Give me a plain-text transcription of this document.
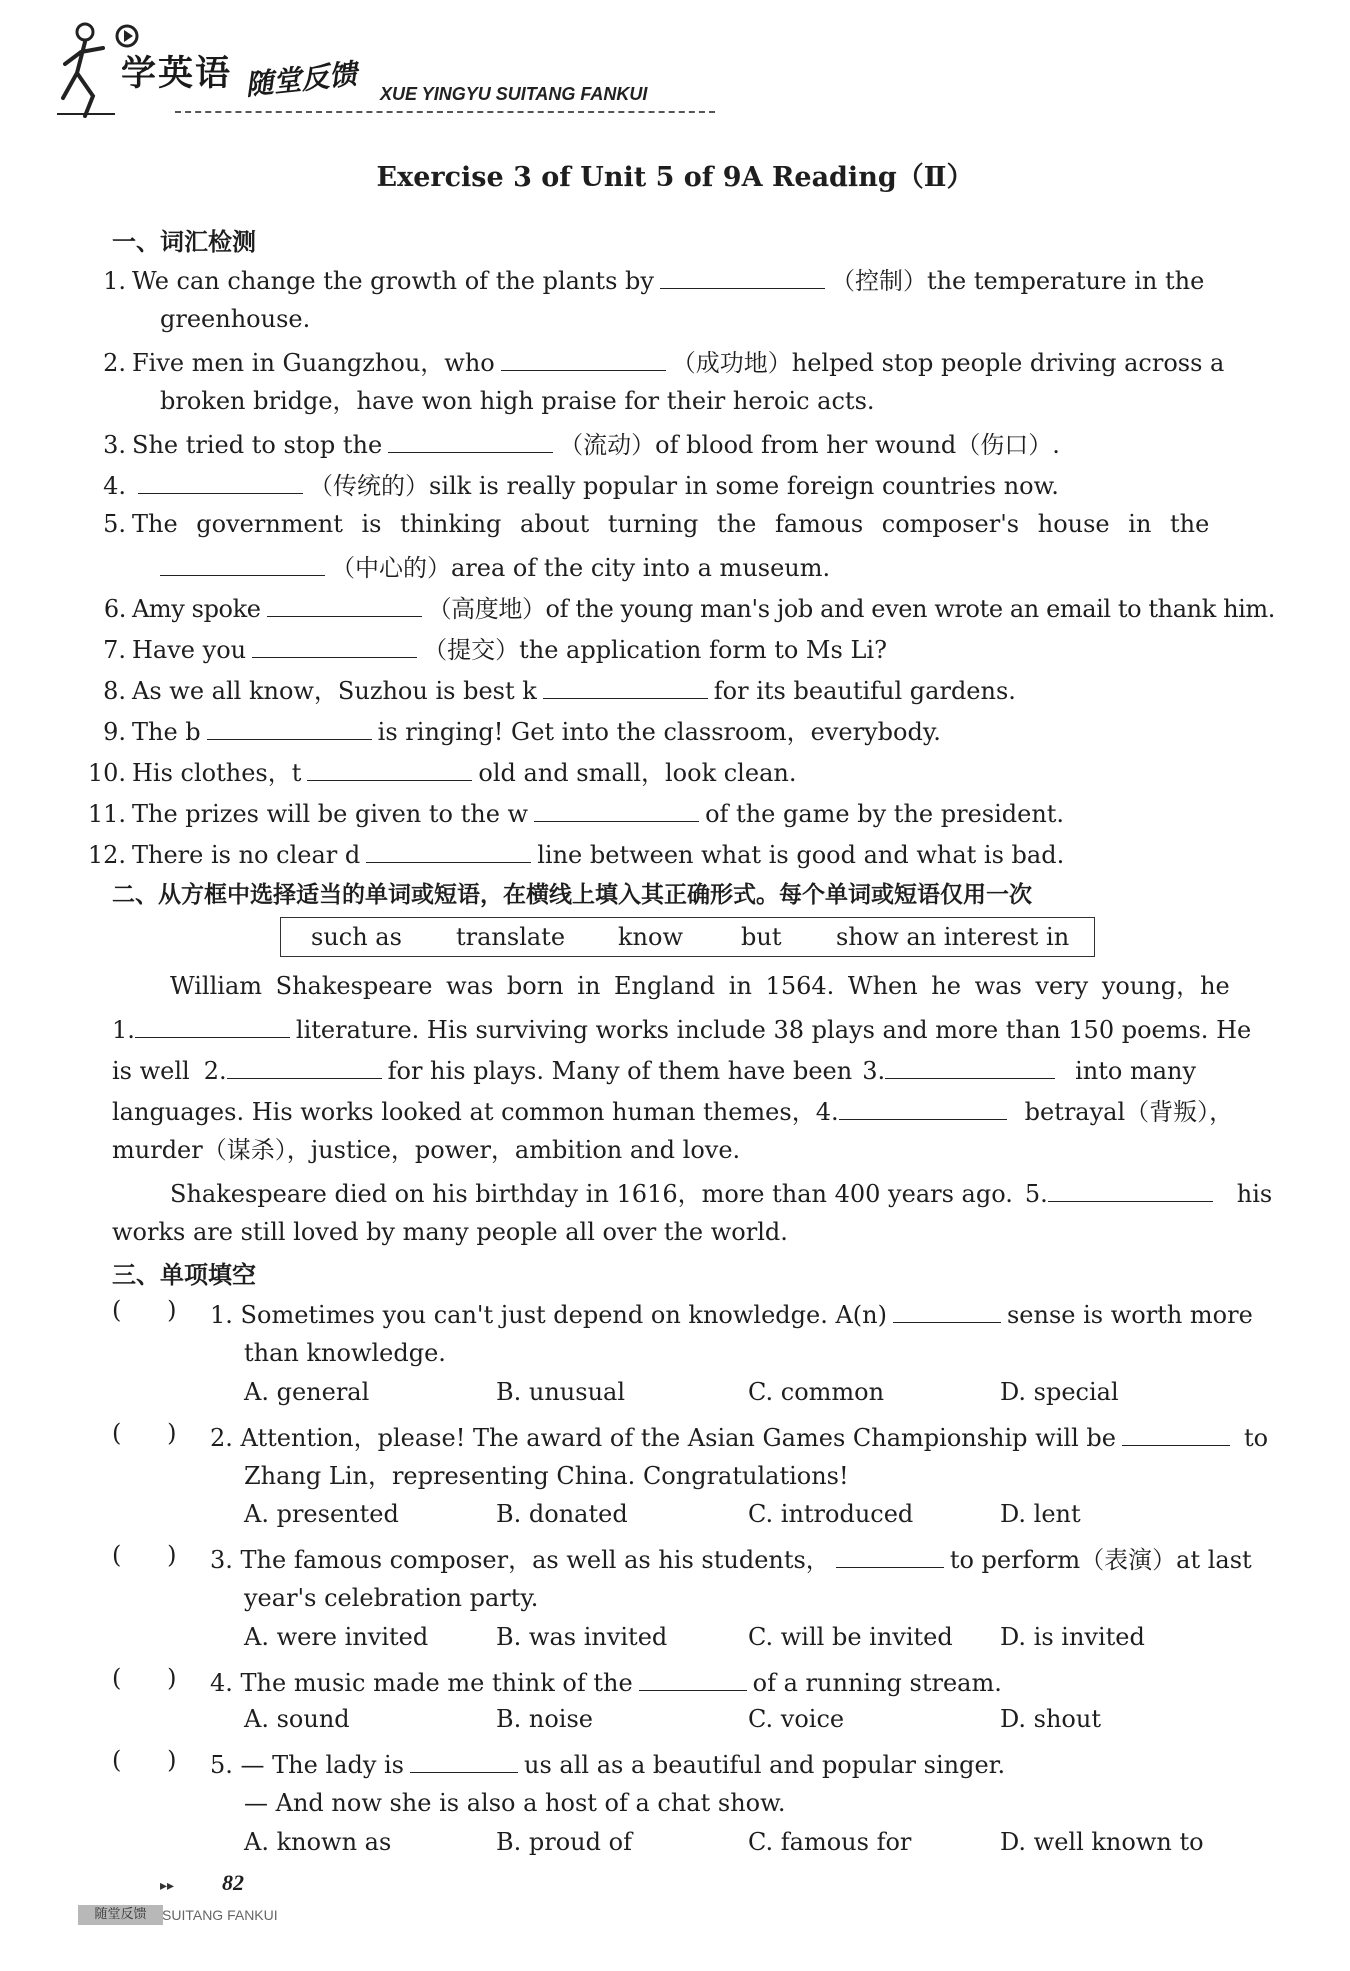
学英语 随堂反馈 XUE YINGYU SUITANG FANKUI
Exercise 3 of Unit 5 of 9A Reading（Ⅱ）
一、词汇检测
1. We can change the growth of the plants by	（控制）the temperature in the
greenhouse.
2. Five men in Guangzhou，who	（成功地）helped stop people driving across a
broken bridge，have won high praise for their heroic acts.
3. She tried to stop the	（流动）of blood from her wound（伤口）.
4.	（传统的）silk is really popular in some foreign countries now.
5. The government is thinking about turning the famous composer's house in the
（中心的）area of the city into a museum.
6. Amy spoke	（高度地）of the young man's job and even wrote an email to thank him.
7. Have you	（提交）the application form to Ms Li?
8. As we all know，Suzhou is best k	for its beautiful gardens.
9. The b	is ringing! Get into the classroom，everybody.
10. His clothes，t	old and small，look clean.
11. The prizes will be given to the w	of the game by the president.
12. There is no clear d	line between what is good and what is bad.
二、从方框中选择适当的单词或短语，在横线上填入其正确形式。每个单词或短语仅用一次
such as translate know but show an interest in
William Shakespeare was born in England in 1564. When he was very young，he
1.	literature. His surviving works include 38 plays and more than 150 poems. He
is well 2.	for his plays. Many of them have been 3.	into many
languages. His works looked at common human themes，4.	betrayal（背叛），
murder（谋杀），justice，power，ambition and love.
Shakespeare died on his birthday in 1616，more than 400 years ago. 5.	his
works are still loved by many people all over the world.
三、单项填空
(      ) 1. Sometimes you can't just depend on knowledge. A(n)	sense is worth more
than knowledge.
A. general	B. unusual	C. common	D. special
(      ) 2. Attention，please! The award of the Asian Games Championship will be	to
Zhang Lin，representing China. Congratulations!
A. presented	B. donated	C. introduced	D. lent
(      ) 3. The famous composer，as well as his students，	to perform（表演）at last
year's celebration party.
A. were invited	B. was invited	C. will be invited D. is invited
(      ) 4. The music made me think of the	of a running stream.
A. sound	B. noise	C. voice	D. shout
(      ) 5. — The lady is	us all as a beautiful and popular singer.
— And now she is also a host of a chat show.
A. known as	B. proud of	C. famous for	D. well known to
▸▸ 82
随堂反馈	SUITANG FANKUI
